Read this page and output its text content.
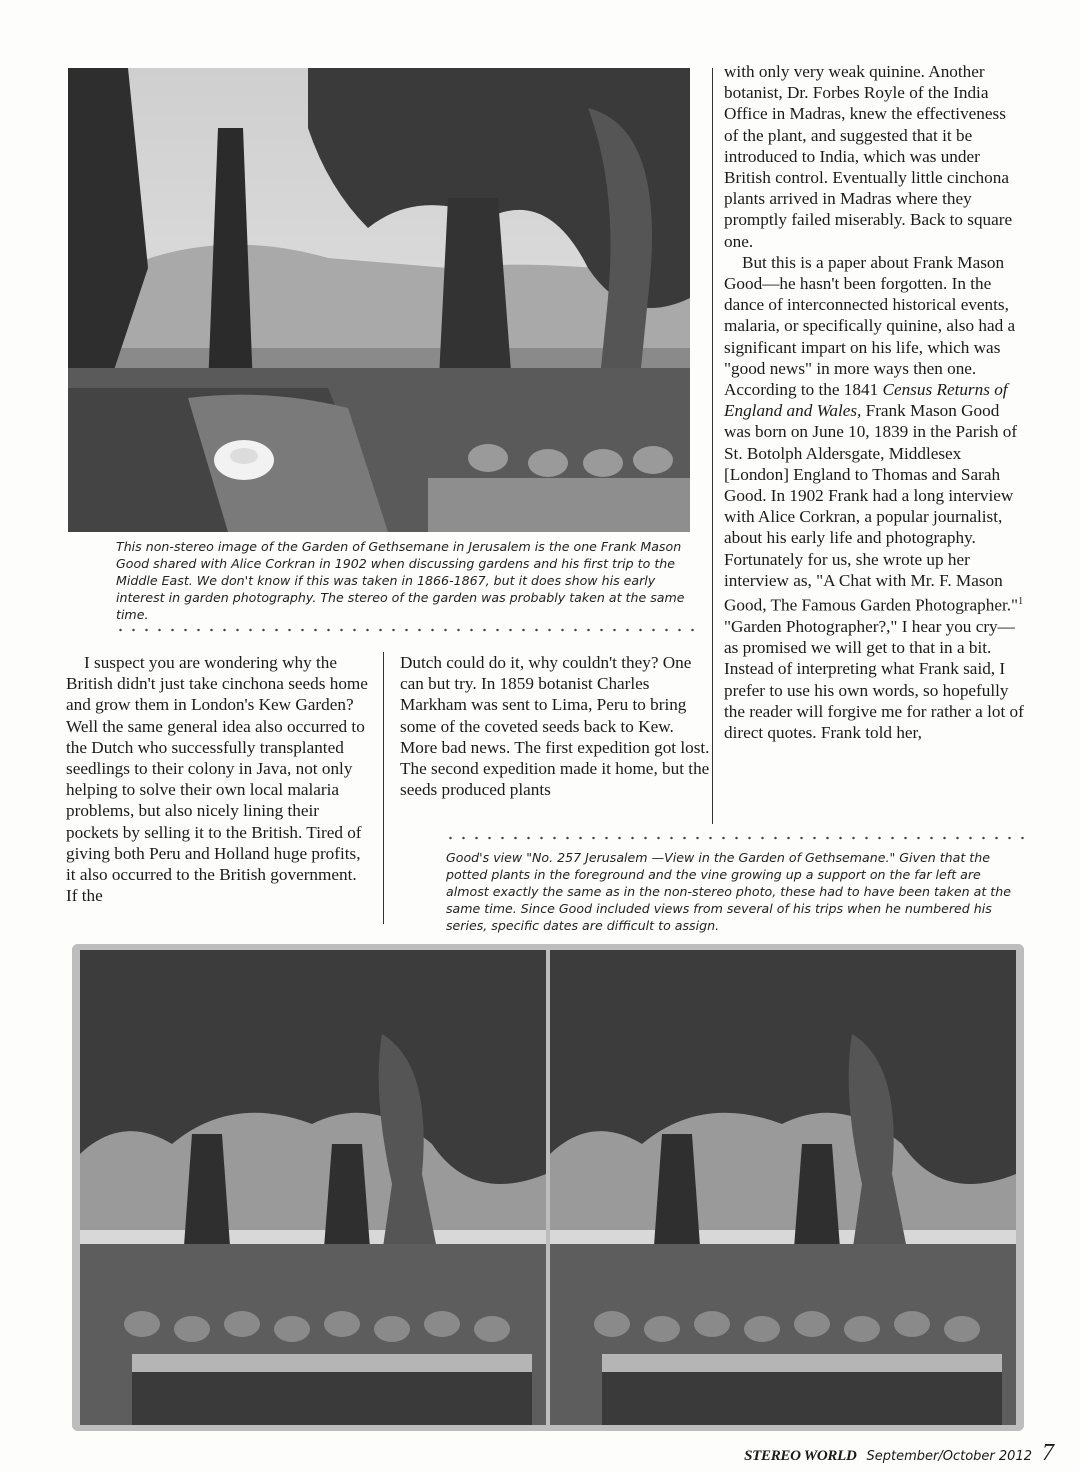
This non-stereo image of the Garden of Gethsemane in Jerusalem is the one Frank Mason Good shared with Alice Corkran in 1902 when discussing gardens and his first trip to the Middle East. We don't know if this was taken in 1866-1867, but it does show his early interest in garden photography. The stereo of the garden was probably taken at the same time.

I suspect you are wondering why the British didn't just take cinchona seeds home and grow them in London's Kew Garden? Well the same general idea also occurred to the Dutch who successfully transplanted seedlings to their colony in Java, not only helping to solve their own local malaria problems, but also nicely lining their pockets by selling it to the British. Tired of giving both Peru and Holland huge profits, it also occurred to the British government. If the

Dutch could do it, why couldn't they? One can but try. In 1859 botanist Charles Markham was sent to Lima, Peru to bring some of the coveted seeds back to Kew. More bad news. The first expedition got lost. The second expedition made it home, but the seeds produced plants

with only very weak quinine. Another botanist, Dr. Forbes Royle of the India Office in Madras, knew the effectiveness of the plant, and suggested that it be introduced to India, which was under British control. Eventually little cinchona plants arrived in Madras where they promptly failed miserably. Back to square one.

But this is a paper about Frank Mason Good—he hasn't been forgotten. In the dance of interconnected historical events, malaria, or specifically quinine, also had a significant impart on his life, which was "good news" in more ways then one. According to the 1841 Census Returns of England and Wales, Frank Mason Good was born on June 10, 1839 in the Parish of St. Botolph Aldersgate, Middlesex [London] England to Thomas and Sarah Good. In 1902 Frank had a long interview with Alice Corkran, a popular journalist, about his early life and photography. Fortunately for us, she wrote up her interview as, "A Chat with Mr. F. Mason Good, The Famous Garden Photographer."$^1$ "Garden Photographer?," I hear you cry—as promised we will get to that in a bit. Instead of interpreting what Frank said, I prefer to use his own words, so hopefully the reader will forgive me for rather a lot of direct quotes. Frank told her,

Good's view "No. 257 Jerusalem —View in the Garden of Gethsemane." Given that the potted plants in the foreground and the vine growing up a support on the far left are almost exactly the same as in the non-stereo photo, these had to have been taken at the same time. Since Good included views from several of his trips when he numbered his series, specific dates are difficult to assign.
STEREO WORLD September/October 2012 7
